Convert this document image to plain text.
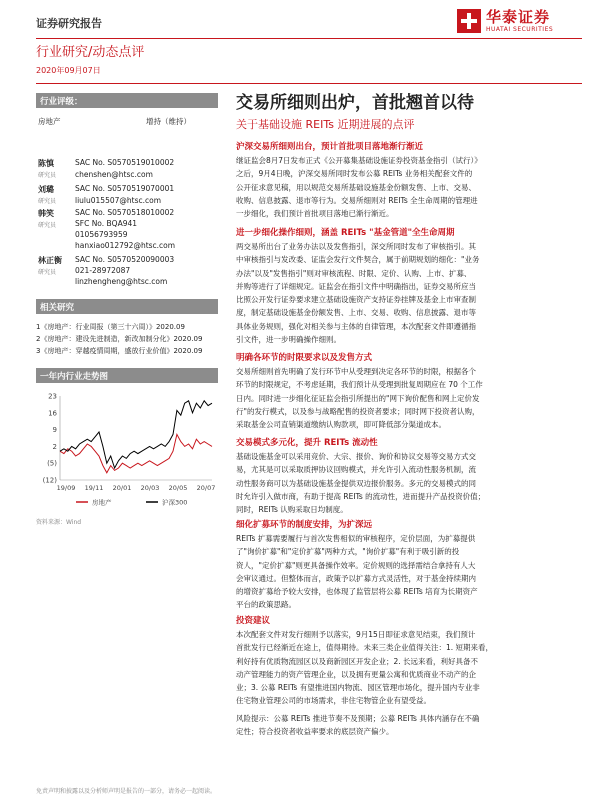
证券研究报告	华泰证券
HUATAI SECURITIES
行业研究/动态点评
2020年09月07日
行业评级：
房地产	增持（维持）
陈慎
研究员
SAC No. S0570519010002
chenshen@htsc.com
刘璐
研究员
SAC No. S0570519070001
liulu015507@htsc.com
韩笑
研究员
SAC No. S0570518010002
SFC No. BQA941
01056793959
hanxiao012792@htsc.com
林正衡
研究员
SAC No. S0570520090003
021-28972087
linzhengheng@htsc.com
相关研究
1《房地产：行业周报（第三十六周）》2020.09
2《房地产：建设先进制造，新改加制分化》2020.09
3《房地产：穿越疫情周期，盛放行业价值》2020.09
一年内行业走势图
23
16
9
2
(5)
(12)
19/09 19/11 20/01 20/03 20/05 20/07
房地产	沪深300
资料来源：Wind
交易所细则出炉，首批翘首以待
关于基础设施 REITs 近期进展的点评
沪深交易所细则出台，预计首批项目落地渐行渐近
继证监会8月7日发布正式《公开募集基础设施证券投资基金指引（试行）》
之后，9月4日晚，沪深交易所同时发布公募 REITs 业务相关配套文件的
公开征求意见稿，用以规范交易所基础设施基金份额发售、上市、交易、
收购、信息披露、退市等行为。交易所细则对 REITs 全生命周期的管理进
一步细化，我们预计首批项目落地已渐行渐近。
进一步细化操作细则，涵盖 REITs "基金管道"全生命周期
两交易所出台了业务办法以及发售指引，深交所同时发布了审核指引。其
中审核指引与发改委、证监会发行文件契合，属于前期规划的细化："业务
办法"以及"发售指引"则对审核流程、时限、定价、认购、上市、扩募、
并购等进行了详细规定。证监会在指引文件中明确指出，证券交易所应当
比照公开发行证券要求建立基础设施资产支持证券挂牌及基金上市审查制
度，制定基础设施基金份额发售、上市、交易、收购、信息披露、退市等
具体业务规则，强化对相关参与主体的自律管理，本次配套文件即遵循指
引文件，进一步明确操作细则。
明确各环节的时限要求以及发售方式
交易所细则首先明确了发行环节中从受理到决定各环节的时限，根据各个
环节的时限规定，不考虑延期，我们预计从受理到批复周期应在 70 个工作
日内。同时进一步细化征证监会指引所提出的"网下询价配售和网上定价发
行"的发行模式，以及参与战略配售的投资者要求；同时网下投资者认购，
采取基金公司直销渠道缴纳认购款项，即可降低部分渠道成本。
交易模式多元化，提升 REITs 流动性
基础设施基金可以采用竞价、大宗、报价、询价和协议交易等交易方式交
易，尤其是可以采取质押协议回购模式，并允许引入流动性服务机制，流
动性服务商可以为基础设施基金提供双边报价服务。多元的交易模式的同
时允许引入做市商，有助于提高 REITs 的流动性，进而提升产品投资价值；
同时，REITs 认购采取日均制度。
细化扩募环节的制度安排，为扩深远
REITs 扩募需要履行与首次发售相似的审核程序，定价层面，为扩募提供
了"询价扩募"和"定价扩募"两种方式，"询价扩募"有利于吸引新的投
资人，"定价扩募"则更具备操作效率。定价规则的选择需结合拿持有人大
会审议通过。但整体而言，政策予以扩募方式灵活性，对于基金持续期内
的增资扩募给予较大安排，也体现了监管层将公募 REITs 培育为长期资产
平台的政策思路。
投资建议
本次配套文件对发行细则予以落实，9月15日即征求意见结束，我们预计
首批发行已经渐近在途上，值得期待。未来三类企业值得关注：1. 短期来看，
利好持有优质物流园区以及商新园区开发企业；2. 长远来看，利好具备不
动产管理能力的资产管理企业，以及拥有更量公寓和优质商业不动产的企
业；3. 公募 REITs 有望推进国内物流、园区管理市场化，提升国内专业非
住宅物业管理公司的市场需求，非住宅物管企业有望受益。
风险提示：公募 REITs 推进节奏不及预期；公募 REITs 具体内涵存在不确
定性；符合投资者收益率要求的底层资产偏少。
免责声明和披露以及分析师声明是报告的一部分，请务必一起阅读。
